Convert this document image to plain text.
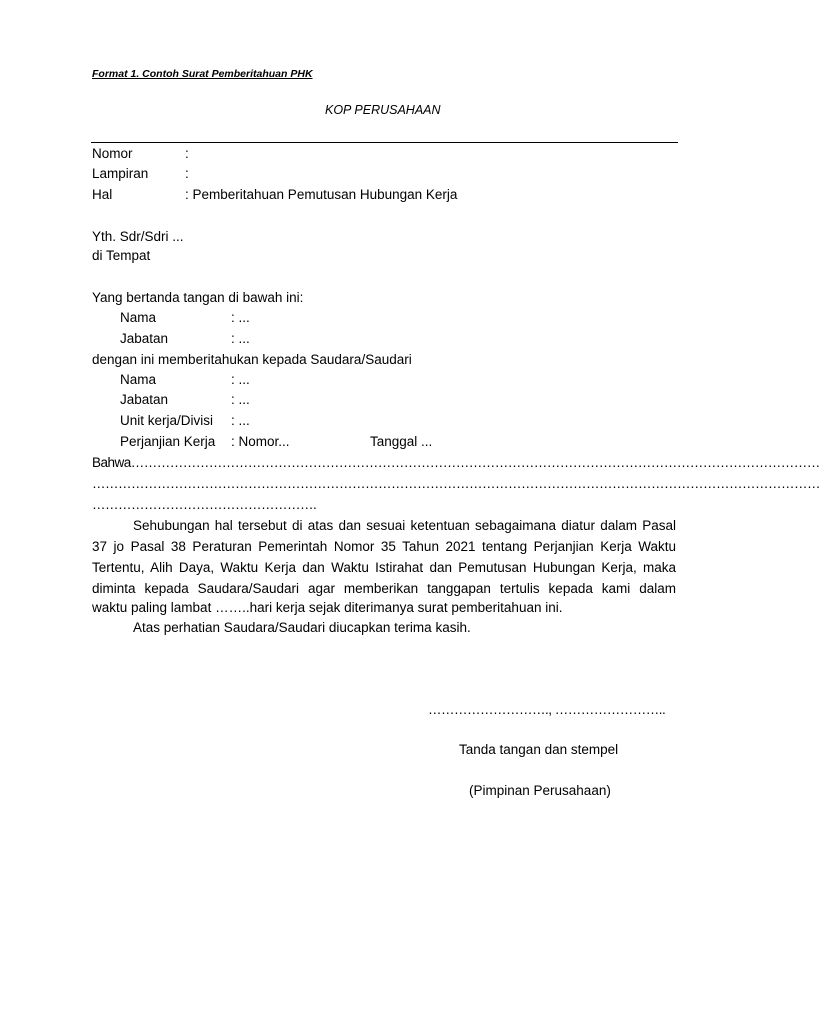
Format 1. Contoh Surat Pemberitahuan PHK
KOP PERUSAHAAN
Nomor	:
Lampiran	:
Hal	: Pemberitahuan Pemutusan Hubungan Kerja
Yth. Sdr/Sdri ...
di Tempat
Yang bertanda tangan di bawah ini:
Nama	: ...
Jabatan	: ...
dengan ini memberitahukan kepada Saudara/Saudari
Nama	: ...
Jabatan	: ...
Unit kerja/Divisi : ...
Perjanjian Kerja : Nomor...	Tanggal ...
Bahwa……………………………………………………………………………………………………………………………………………
……………………………………………………………………………………………………………………………………………………
…………………………………………….
Sehubungan hal tersebut di atas dan sesuai ketentuan sebagaimana diatur dalam Pasal
37 jo Pasal 38 Peraturan Pemerintah Nomor 35 Tahun 2021 tentang Perjanjian Kerja Waktu
Tertentu, Alih Daya, Waktu Kerja dan Waktu Istirahat dan Pemutusan Hubungan Kerja, maka
diminta kepada Saudara/Saudari agar memberikan tanggapan tertulis kepada kami dalam
waktu paling lambat ……..hari kerja sejak diterimanya surat pemberitahuan ini.
Atas perhatian Saudara/Saudari diucapkan terima kasih.
………………………., ……………………..
Tanda tangan dan stempel
(Pimpinan Perusahaan)
